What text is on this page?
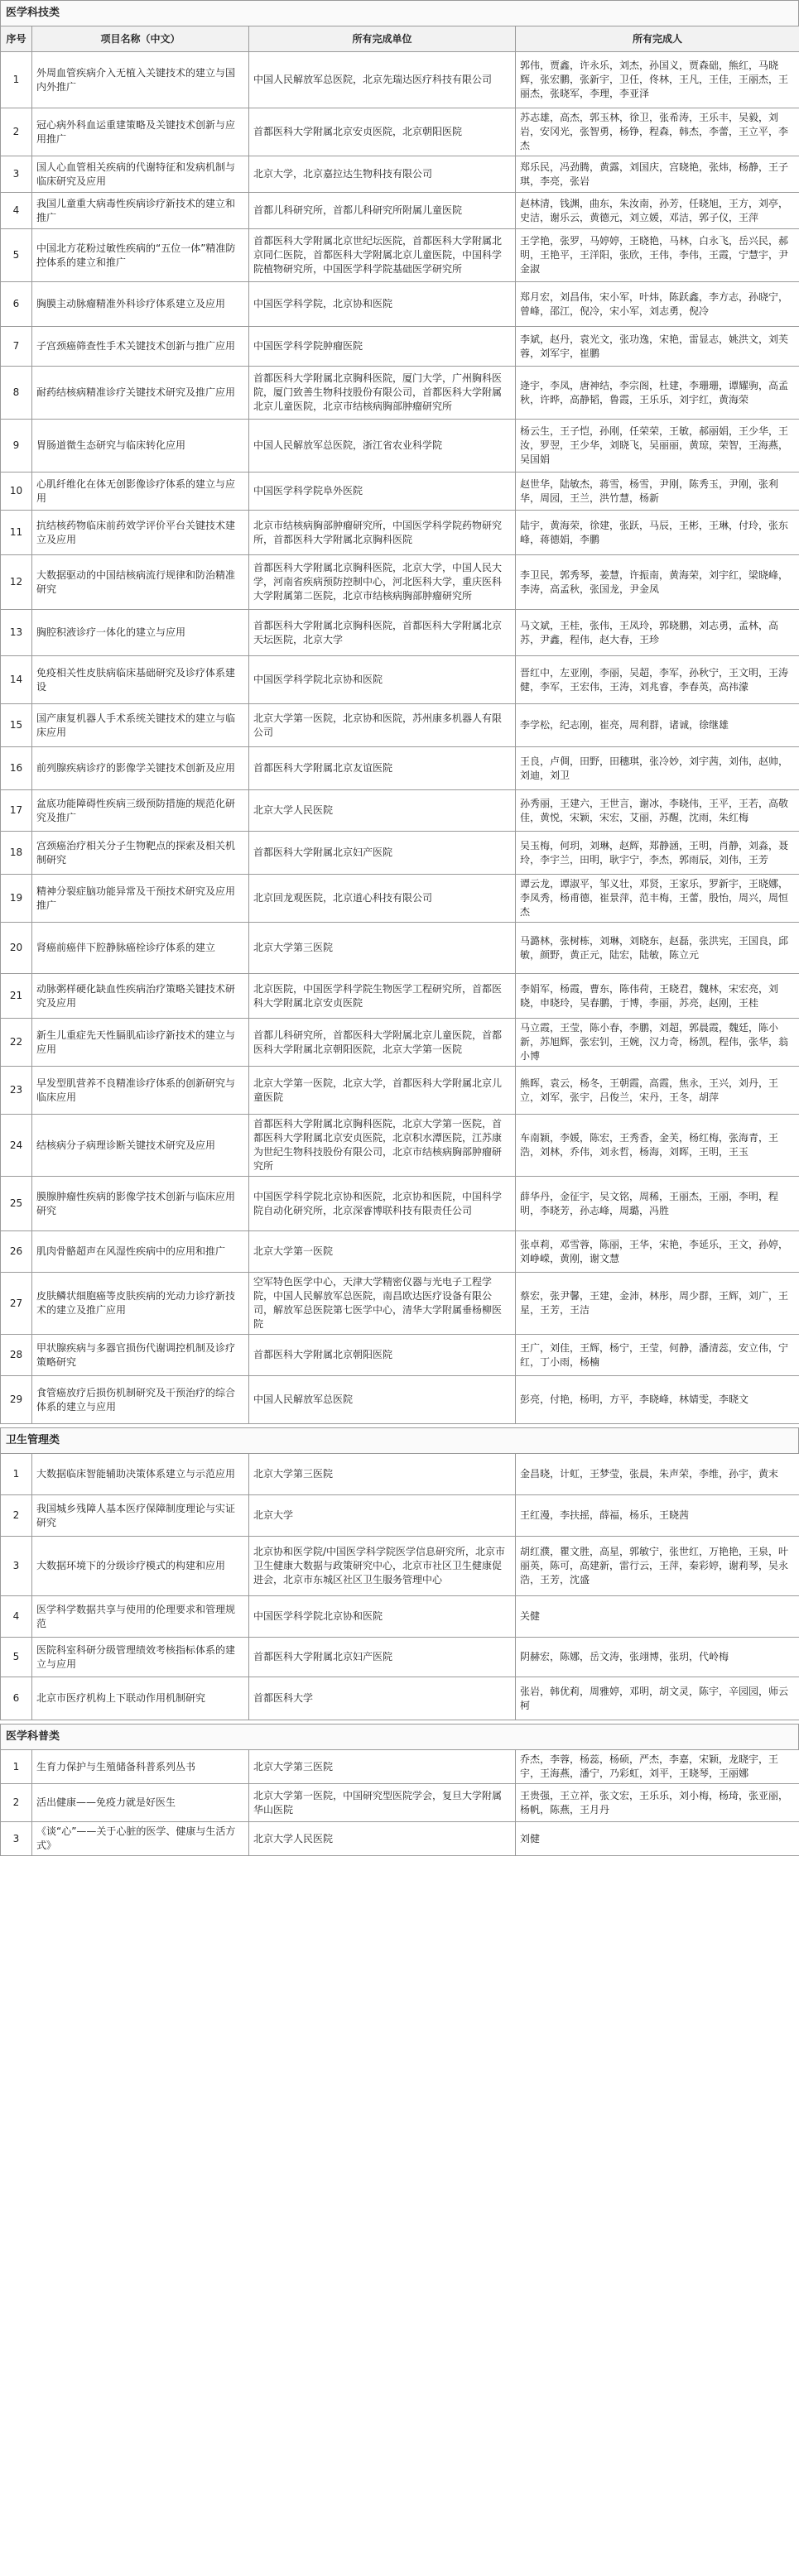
医学科技类
序号	项目名称（中文）	所有完成单位	所有完成人
1	外周血管疾病介入无植入关键技术的建立与国内外推广	中国人民解放军总医院，北京先瑞达医疗科技有限公司	郭伟，贾鑫，许永乐，刘杰，孙国义，贾森础，熊红，马晓辉，张宏鹏，张新宇，卫任，佟林，王凡，王佳，王丽杰，王丽杰，张晓军，李理，李亚泽
2	冠心病外科血运重建策略及关键技术创新与应用推广	首都医科大学附属北京安贞医院，北京朝阳医院	苏志雄，高杰，郭玉林，徐卫，张希涛，王乐丰，吴毅，刘岩，安冈光，张智勇，杨铮，程森，韩杰，李蕾，王立平，李杰
3	国人心血管相关疾病的代谢特征和发病机制与临床研究及应用	北京大学，北京嘉拉达生物科技有限公司	郑乐民，冯劲腾，黄露，刘国庆，宫晓艳，张炜，杨静，王子琪，李亮，张岩
4	我国儿童重大病毒性疾病诊疗新技术的建立和推广	首都儿科研究所，首都儿科研究所附属儿童医院	赵林清，钱渊，曲东，朱汝南，孙芳，任晓旭，王方，刘亭，史洁，谢乐云，黄德元，刘立媛，邓洁，郭子仪，王萍
5	中国北方花粉过敏性疾病的“五位一体”精准防控体系的建立和推广	首都医科大学附属北京世纪坛医院，首都医科大学附属北京同仁医院，首都医科大学附属北京儿童医院，中国科学院植物研究所，中国医学科学院基础医学研究所	王学艳，张罗，马婷婷，王晓艳，马林，白永飞，岳兴民，郝明，王艳平，王洋阳，张欣，王伟，李伟，王霞，宁慧宇，尹金淑
6	胸膜主动脉瘤精准外科诊疗体系建立及应用	中国医学科学院，北京协和医院	郑月宏，刘昌伟，宋小军，叶炜，陈跃鑫，李方志，孙晓宁，曾峰，邵江，倪冷，宋小军，刘志勇，倪冷
7	子宫颈癌筛查性手术关键技术创新与推广应用	中国医学科学院肿瘤医院	李斌，赵丹，袁光文，张功逸，宋艳，雷显志，姚洪文，刘芙蓉，刘军宇，崔鹏
8	耐药结核病精准诊疗关键技术研究及推广应用	首都医科大学附属北京胸科医院，厦门大学，广州胸科医院，厦门致善生物科技股份有限公司，首都医科大学附属北京儿童医院，北京市结核病胸部肿瘤研究所	逄宇，李凤，唐神结，李宗阁，杜建，李珊珊，谭耀驹，高孟秋，许晔，高静韬，鲁霞，王乐乐，刘宇红，黄海荣
9	胃肠道微生态研究与临床转化应用	中国人民解放军总医院，浙江省农业科学院	杨云生，王子恺，孙刚，任荣荣，王敏，郝丽娟，王少华，王汝，罗翌，王少华，刘晓飞，吴丽丽，黄琼，荣智，王海燕，吴国娟
10	心肌纤维化在体无创影像诊疗体系的建立与应用	中国医学科学院阜外医院	赵世华，陆敏杰，蒋雪，杨雪，尹刚，陈秀玉，尹刚，张利华，周园，王兰，洪竹慧，杨新
11	抗结核药物临床前药效学评价平台关键技术建立及应用	北京市结核病胸部肿瘤研究所，中国医学科学院药物研究所，首都医科大学附属北京胸科医院	陆宇，黄海荣，徐建，张跃，马辰，王彬，王琳，付玲，张东峰，蒋德娟，李鹏
12	大数据驱动的中国结核病流行规律和防治精准研究	首都医科大学附属北京胸科医院，北京大学，中国人民大学，河南省疾病预防控制中心，河北医科大学，重庆医科大学附属第二医院，北京市结核病胸部肿瘤研究所	李卫民，郭秀琴，姜慧，许振南，黄海荣，刘宇红，梁晓峰，李涛，高孟秋，张国龙，尹金凤
13	胸腔积液诊疗一体化的建立与应用	首都医科大学附属北京胸科医院，首都医科大学附属北京天坛医院，北京大学	马文斌，王桂，张伟，王凤玲，郭晓鹏，刘志勇，孟林，高苏，尹鑫，程伟，赵大春，王珍
14	免疫相关性皮肤病临床基础研究及诊疗体系建设	中国医学科学院北京协和医院	晋红中，左亚刚，李丽，吴超，李军，孙秋宁，王文明，王涛健，李军，王宏伟，王涛，刘兆睿，李春英，高祎濛
15	国产康复机器人手术系统关键技术的建立与临床应用	北京大学第一医院，北京协和医院，苏州康多机器人有限公司	李学松，纪志刚，崔亮，周利群，诸诚，徐继雄
16	前列腺疾病诊疗的影像学关键技术创新及应用	首都医科大学附属北京友谊医院	王良，卢倜，田野，田穗琪，张冷妙，刘宇茜，刘伟，赵帅，刘迪，刘卫
17	盆底功能障碍性疾病三级预防措施的规范化研究及推广	北京大学人民医院	孙秀丽，王建六，王世言，谢冰，李晓伟，王平，王若，高敬佳，黄悦，宋颖，宋宏，艾丽，苏醒，沈雨，朱红梅
18	宫颈癌治疗相关分子生物靶点的探索及相关机制研究	首都医科大学附属北京妇产医院	吴玉梅，何玥，刘琳，赵辉，郑静涵，王明，肖静，刘淼，聂玲，李宇兰，田明，耿宇宁，李杰，郭雨辰，刘伟，王芳
19	精神分裂症脑功能异常及干预技术研究及应用推广	北京回龙观医院，北京道心科技有限公司	谭云龙，谭淑平，邹义壮，邓贤，王家乐，罗新宇，王晓娜，李凤秀，杨甫德，崔景萍，范丰梅，王蕾，殷怡，周兴，周恒杰
20	肾癌前癌伴下腔静脉癌栓诊疗体系的建立	北京大学第三医院	马潞林，张树栋，刘琳，刘晓东，赵磊，张洪宪，王国良，邱敏，颜野，黄正元，陆宏，陆敏，陈立元
21	动脉粥样硬化缺血性疾病治疗策略关键技术研究及应用	北京医院，中国医学科学院生物医学工程研究所，首都医科大学附属北京安贞医院	李娟军，杨霞，曹东，陈伟荷，王晓君，魏林，宋宏亮，刘晓，申晓玲，吴春鹏，于博，李丽，苏亮，赵刚，王桂
22	新生儿重症先天性膈肌疝诊疗新技术的建立与应用	首都儿科研究所，首都医科大学附属北京儿童医院，首都医科大学附属北京朝阳医院，北京大学第一医院	马立霞，王莹，陈小春，李鹏，刘超，郭晨霞，魏廷，陈小新，苏旭辉，张宏钊，王婉，汉力奇，杨凯，程伟，张华，翁小博
23	早发型肌营养不良精准诊疗体系的创新研究与临床应用	北京大学第一医院，北京大学，首都医科大学附属北京儿童医院	熊晖，袁云，杨冬，王朝霞，高霞，焦永，王兴，刘丹，王立，刘军，张宇，吕俊兰，宋丹，王冬，胡萍
24	结核病分子病理诊断关键技术研究及应用	首都医科大学附属北京胸科医院，北京大学第一医院，首都医科大学附属北京安贞医院，北京积水潭医院，江苏康为世纪生物科技股份有限公司，北京市结核病胸部肿瘤研究所	车南颖，李媛，陈宏，王秀香，金芙，杨红梅，张海青，王浩，刘林，乔伟，刘永哲，杨海，刘晖，王明，王玉
25	膜腺肿瘤性疾病的影像学技术创新与临床应用研究	中国医学科学院北京协和医院，北京协和医院，中国科学院自动化研究所，北京深睿博联科技有限责任公司	薛华丹，金征宇，吴文铭，周稀，王丽杰，王丽，李明，程明，李晓芳，孙志峰，周璐，冯胜
26	肌肉骨骼超声在风湿性疾病中的应用和推广	北京大学第一医院	张卓莉，邓雪蓉，陈丽，王华，宋艳，李延乐，王文，孙婷，刘峥嵘，黄刚，谢文慧
27	皮肤鳞状细胞癌等皮肤疾病的光动力诊疗新技术的建立及推广应用	空军特色医学中心，天津大学精密仪器与光电子工程学院，中国人民解放军总医院，南昌欧达医疗设备有限公司，解放军总医院第七医学中心，清华大学附属垂杨柳医院	蔡宏，张尹馨，王建，金沛，林彤，周少群，王辉，刘广，王星，王芳，王洁
28	甲状腺疾病与多器官损伤代谢调控机制及诊疗策略研究	首都医科大学附属北京朝阳医院	王广，刘佳，王辉，杨宁，王莹，何静，潘清蕊，安立伟，宁红，丁小雨，杨楠
29	食管癌放疗后损伤机制研究及干预治疗的综合体系的建立与应用	中国人民解放军总医院	彭亮，付艳，杨明，方平，李晓峰，林婧雯，李晓文
卫生管理类
1	大数据临床智能辅助决策体系建立与示范应用	北京大学第三医院	金昌晓，计虹，王梦莹，张晨，朱声荣，李维，孙宇，黄末
2	我国城乡残障人基本医疗保障制度理论与实证研究	北京大学	王红漫，李扶摇，薛福，杨乐，王晓茜
3	大数据环境下的分级诊疗模式的构建和应用	北京协和医学院/中国医学科学院医学信息研究所，北京市卫生健康大数据与政策研究中心，北京市社区卫生健康促进会，北京市东城区社区卫生服务管理中心	胡红濮，瞿文胜，高星，郭敏宁，张世红，万艳艳，王泉，叶丽英，陈可，高建新，雷行云，王萍，秦彩婷，谢莉琴，吴永浩，王芳，沈盛
4	医学科学数据共享与使用的伦理要求和管理规范	中国医学科学院北京协和医院	关健
5	医院科室科研分级管理绩效考核指标体系的建立与应用	首都医科大学附属北京妇产医院	阴赫宏，陈娜，岳文涛，张翊博，张玥，代岭梅
6	北京市医疗机构上下联动作用机制研究	首都医科大学	张岩，韩优莉，周雅婷，邓明，胡文灵，陈宇，辛园园，师云柯
医学科普类
1	生育力保护与生殖储备科普系列丛书	北京大学第三医院	乔杰，李蓉，杨蕊，杨硕，严杰，李嘉，宋颖，龙晓宇，王宇，王海燕，潘宁，乃彩虹，刘平，王晓琴，王丽娜
2	活出健康——免疫力就是好医生	北京大学第一医院，中国研究型医院学会，复旦大学附属华山医院	王贵强，王立祥，张文宏，王乐乐，刘小梅，杨琦，张亚丽，杨帆，陈燕，王月丹
3	《谈“心”——关于心脏的医学、健康与生活方式》	北京大学人民医院	刘健
